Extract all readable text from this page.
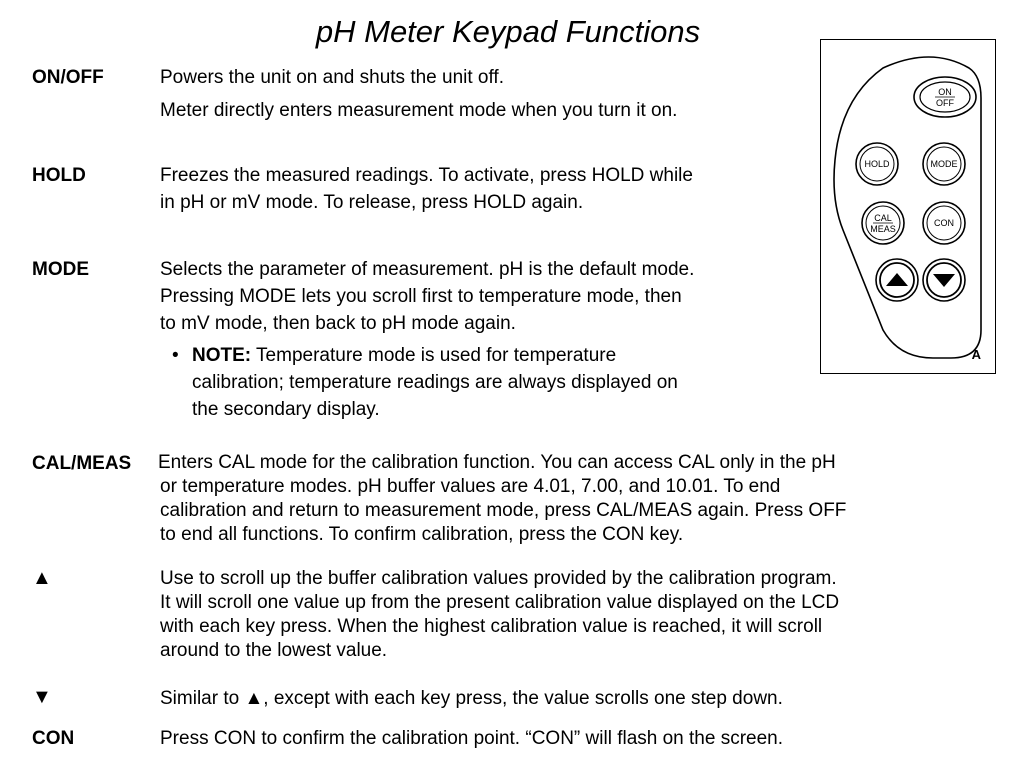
pH Meter Keypad Functions
ON/OFF	Powers the unit on and shuts the unit off.

Meter directly enters measurement mode when you turn it on.

HOLD	Freezes the measured readings. To activate, press HOLD while

in pH or mV mode. To release, press HOLD again.

MODE	Selects the parameter of measurement. pH is the default mode.

Pressing MODE lets you scroll first to temperature mode, then

to mV mode, then back to pH mode again.

• NOTE: Temperature mode is used for temperature
calibration; temperature readings are always displayed on
the secondary display.
CAL/MEAS Enters CAL mode for the calibration function. You can access CAL only in the pH

or temperature modes. pH buffer values are 4.01, 7.00, and 10.01. To end

calibration and return to measurement mode, press CAL/MEAS again. Press OFF

to end all functions. To confirm calibration, press the CON key.

▲	Use to scroll up the buffer calibration values provided by the calibration program.

It will scroll one value up from the present calibration value displayed on the LCD

with each key press. When the highest calibration value is reached, it will scroll

around to the lowest value.

▼	Similar to ▲, except with each key press, the value scrolls one step down.
CON	Press CON to confirm the calibration point. “CON” will flash on the screen.

ON
OFF
HOLD	MODE
CAL
MEAS
CON
A
